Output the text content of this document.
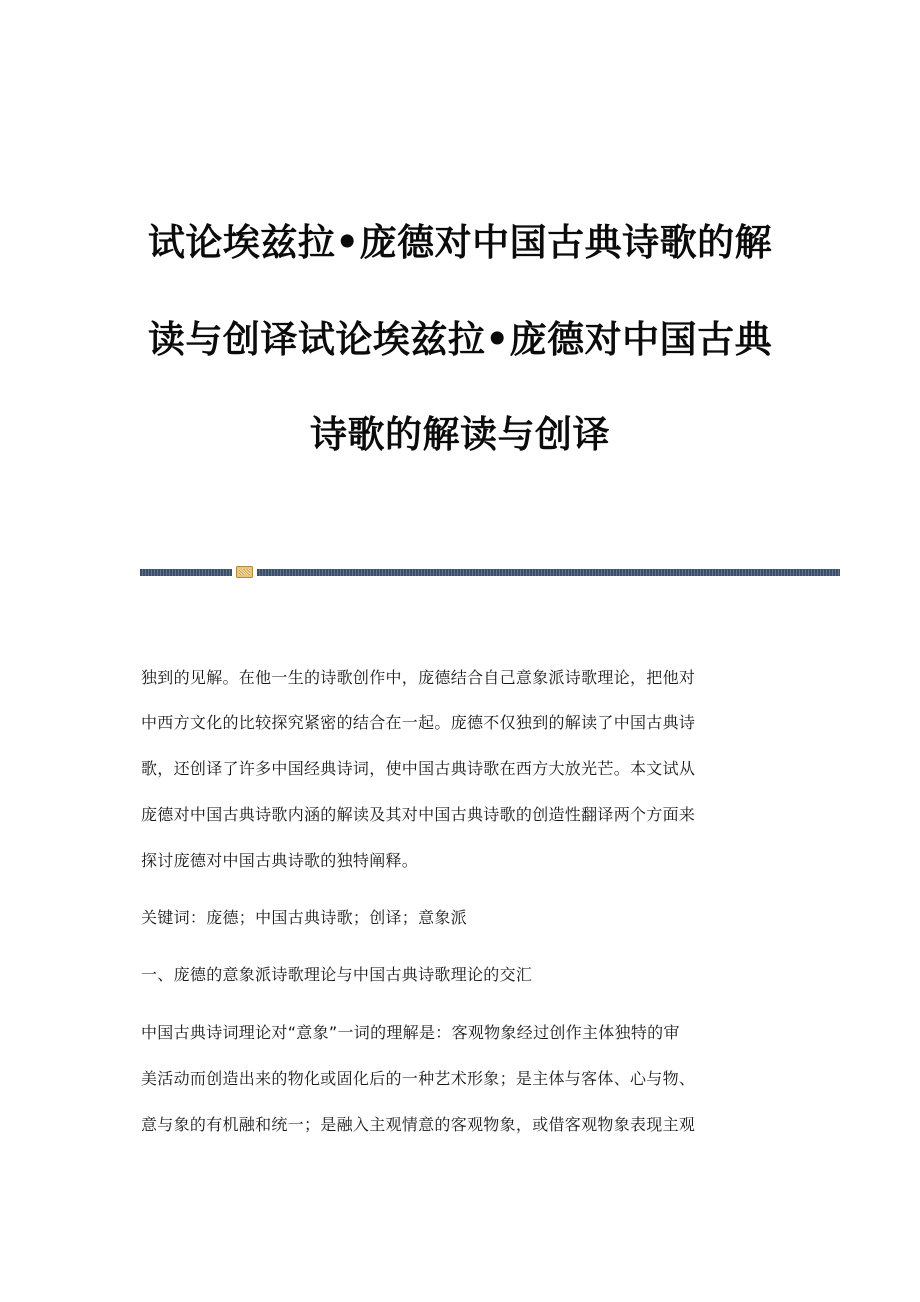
试论埃兹拉•庞德对中国古典诗歌的解
读与创译试论埃兹拉•庞德对中国古典
诗歌的解读与创译

独到的见解。在他一生的诗歌创作中，庞德结合自己意象派诗歌理论，把他对

中西方文化的比较探究紧密的结合在一起。庞德不仅独到的解读了中国古典诗

歌，还创译了许多中国经典诗词，使中国古典诗歌在西方大放光芒。本文试从

庞德对中国古典诗歌内涵的解读及其对中国古典诗歌的创造性翻译两个方面来

探讨庞德对中国古典诗歌的独特阐释。

关键词：庞德；中国古典诗歌；创译；意象派

一、庞德的意象派诗歌理论与中国古典诗歌理论的交汇

中国古典诗词理论对“意象”一词的理解是：客观物象经过创作主体独特的审

美活动而创造出来的物化或固化后的一种艺术形象；是主体与客体、心与物、

意与象的有机融和统一；是融入主观情意的客观物象，或借客观物象表现主观
